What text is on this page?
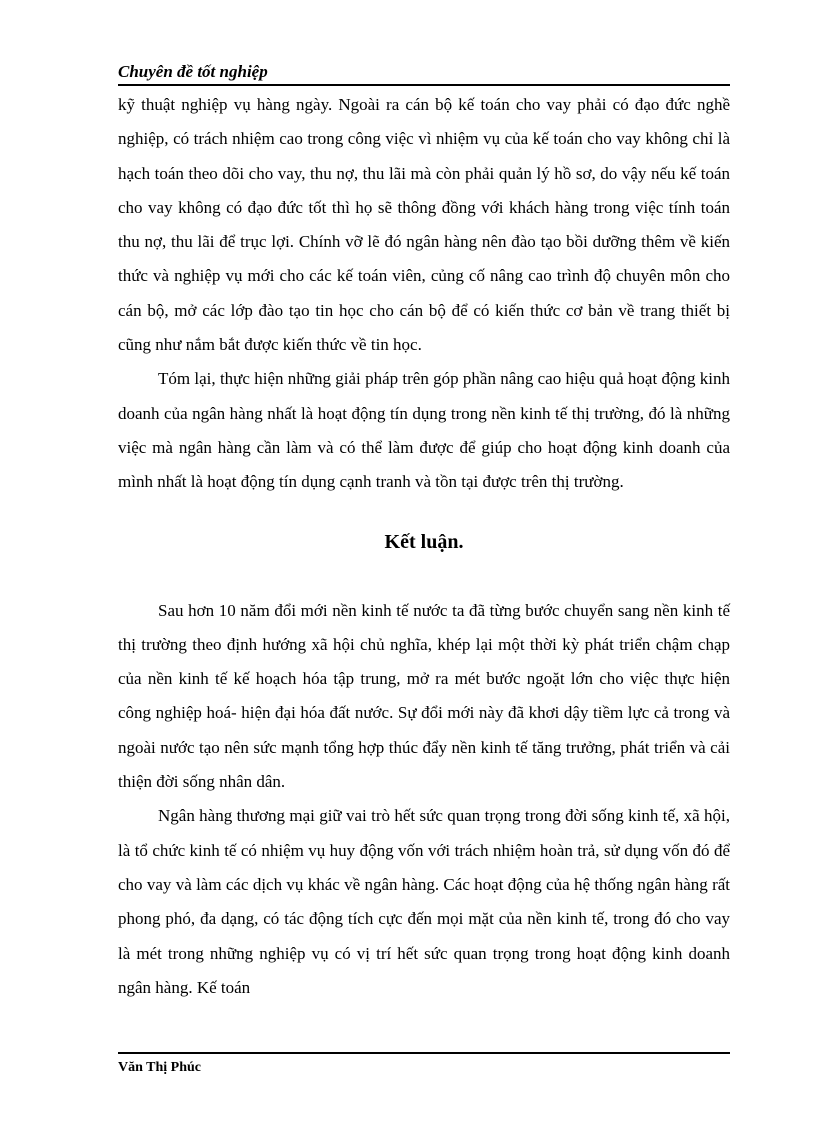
Chuyên đề tốt nghiệp

kỹ thuật nghiệp vụ hàng ngày. Ngoài ra cán bộ kế toán cho vay phải có đạo đức nghề nghiệp, có trách nhiệm cao trong công việc vì nhiệm vụ của kế toán cho vay không chỉ là hạch toán theo dõi cho vay, thu nợ, thu lãi mà còn phải quản lý hồ sơ, do vậy nếu kế toán cho vay không có đạo đức tốt thì họ sẽ thông đồng với khách hàng trong việc tính toán thu nợ, thu lãi để trục lợi. Chính vỡ lẽ đó ngân hàng nên đào tạo bồi dưỡng thêm về kiến thức và nghiệp vụ mới cho các kế toán viên, củng cố nâng cao trình độ chuyên môn cho cán bộ, mở các lớp đào tạo tin học cho cán bộ để có kiến thức cơ bản về trang thiết bị cũng như nắm bắt được kiến thức về tin học.

Tóm lại, thực hiện những giải pháp trên góp phần nâng cao hiệu quả hoạt động kinh doanh của ngân hàng nhất là hoạt động tín dụng trong nền kinh tế thị trường, đó là những việc mà ngân hàng cần làm và có thể làm được để giúp cho hoạt động kinh doanh của mình nhất là hoạt động tín dụng cạnh tranh và tồn tại được trên thị trường.

Kết luận.

Sau hơn 10 năm đổi mới nền kinh tế nước ta đã từng bước chuyển sang nền kinh tế thị trường theo định hướng xã hội chủ nghĩa, khép lại một thời kỳ phát triển chậm chạp của nền kinh tế kế hoạch hóa tập trung, mở ra mét bước ngoặt lớn cho việc thực hiện công nghiệp hoá- hiện đại hóa đất nước. Sự đổi mới này đã khơi dậy tiềm lực cả trong và ngoài nước tạo nên sức mạnh tổng hợp thúc đẩy nền kinh tế tăng trưởng, phát triển và cải thiện đời sống nhân dân.

Ngân hàng thương mại giữ vai trò hết sức quan trọng trong đời sống kinh tế, xã hội, là tổ chức kinh tế có nhiệm vụ huy động vốn với trách nhiệm hoàn trả, sử dụng vốn đó để cho vay và làm các dịch vụ khác về ngân hàng. Các hoạt động của hệ thống ngân hàng rất phong phó, đa dạng, có tác động tích cực đến mọi mặt của nền kinh tế, trong đó cho vay là mét trong những nghiệp vụ có vị trí hết sức quan trọng trong hoạt động kinh doanh ngân hàng. Kế toán

Văn Thị Phúc
